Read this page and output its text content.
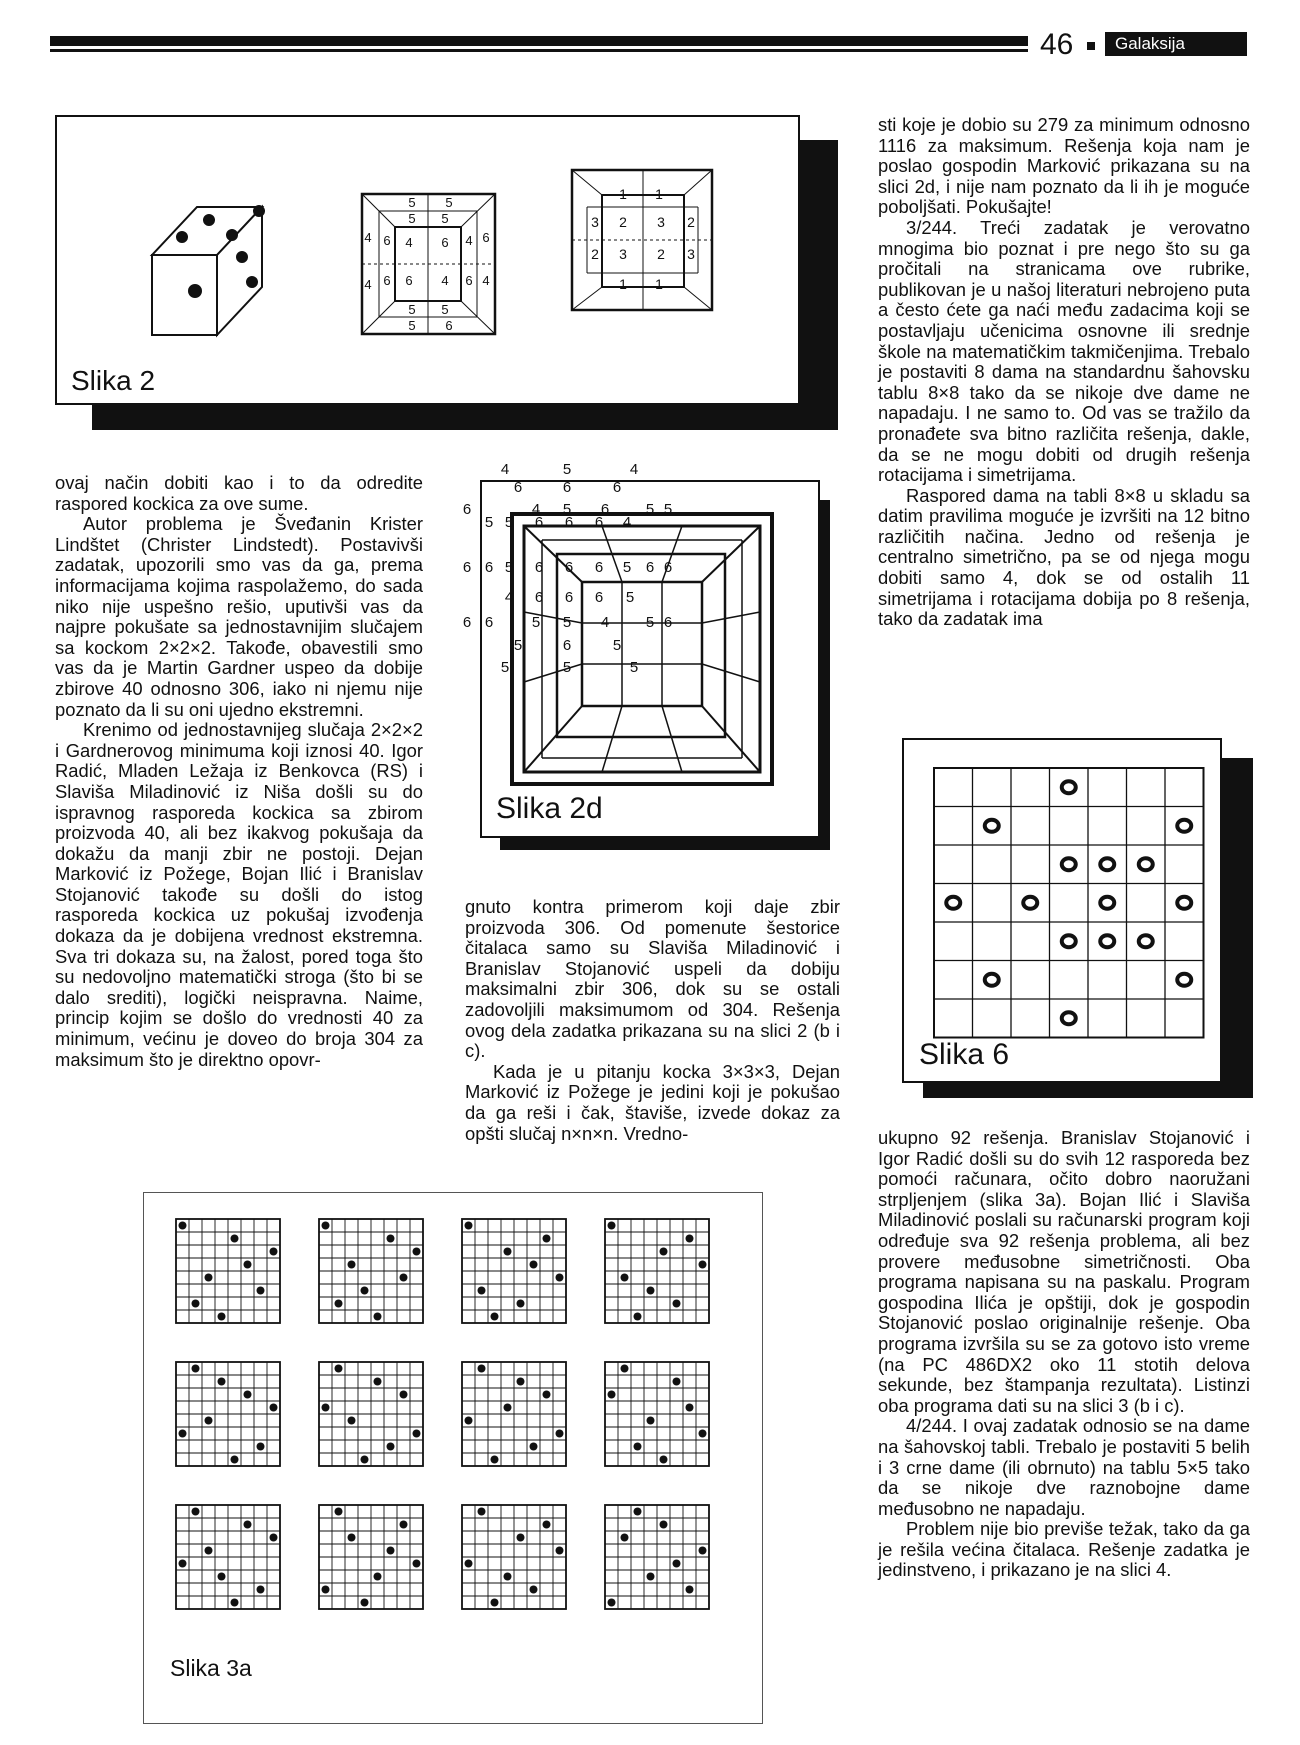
46	Galaksija
5 5
5 5
4 6
6
4
4 6
6 4
4 6
6 4
5 5
5 6
1 1
3
2
2 3
3 2
2
3
1 1
Slika 2
4	5	4
6	6	6
6	4 5 6 5 5
5 5 6 6 6 4
6 6 5 6 6 6 5 6 6
4 6 6 6 5
6 6	5 5 4 5 6
5	6	5
5	5	5
Slika 2d
Slika 6
Slika 3a

ovaj način dobiti kao i to da odredite raspored kockica za ove sume.

Autor problema je Šveđanin Krister Lindštet (Christer Lindstedt). Postavivši zadatak, upozorili smo vas da ga, prema informacijama kojima raspolažemo, do sada niko nije uspešno rešio, uputivši vas da najpre pokušate sa jednostavnijim slučajem sa kockom 2×2×2. Takođe, obavestili smo vas da je Martin Gardner uspeo da dobije zbirove 40 odnosno 306, iako ni njemu nije poznato da li su oni ujedno ekstremni.

Krenimo od jednostavnijeg slučaja 2×2×2 i Gardnerovog minimuma koji iznosi 40. Igor Radić, Mladen Ležaja iz Benkovca (RS) i Slaviša Miladinović iz Niša došli su do ispravnog rasporeda kockica sa zbirom proizvoda 40, ali bez ikakvog pokušaja da dokažu da manji zbir ne postoji. Dejan Marković iz Požege, Bojan Ilić i Branislav Stojanović takođe su došli do istog rasporeda kockica uz pokušaj izvođenja dokaza da je dobijena vrednost ekstremna. Sva tri dokaza su, na žalost, pored toga što su nedovoljno matematički stroga (što bi se dalo srediti), logički neispravna. Naime, princip kojim se došlo do vrednosti 40 za minimum, većinu je doveo do broja 304 za maksimum što je direktno opovr-

gnuto kontra primerom koji daje zbir proizvoda 306. Od pomenute šestorice čitalaca samo su Slaviša Miladinović i Branislav Stojanović uspeli da dobiju maksimalni zbir 306, dok su se ostali zadovoljili maksimumom od 304. Rešenja ovog dela zadatka prikazana su na slici 2 (b i c).

Kada je u pitanju kocka 3×3×3, Dejan Marković iz Požege je jedini koji je pokušao da ga reši i čak, štaviše, izvede dokaz za opšti slučaj n×n×n. Vredno-

sti koje je dobio su 279 za minimum odnosno 1116 za maksimum. Rešenja koja nam je poslao gospodin Marković prikazana su na slici 2d, i nije nam poznato da li ih je moguće poboljšati. Pokušajte!

3/244. Treći zadatak je verovatno mnogima bio poznat i pre nego što su ga pročitali na stranicama ove rubrike, publikovan je u našoj literaturi nebrojeno puta a često ćete ga naći među zadacima koji se postavljaju učenicima osnovne ili srednje škole na matematičkim takmičenjima. Trebalo je postaviti 8 dama na standardnu šahovsku tablu 8×8 tako da se nikoje dve dame ne napadaju. I ne samo to. Od vas se tražilo da pronađete sva bitno različita rešenja, dakle, da se ne mogu dobiti od drugih rešenja rotacijama i simetrijama.

Raspored dama na tabli 8×8 u skladu sa datim pravilima moguće je izvršiti na 12 bitno različitih načina. Jedno od rešenja je centralno simetrično, pa se od njega mogu dobiti samo 4, dok se od ostalih 11 simetrijama i rotacijama dobija po 8 rešenja, tako da zadatak ima

ukupno 92 rešenja. Branislav Stojanović i Igor Radić došli su do svih 12 rasporeda bez pomoći računara, očito dobro naoružani strpljenjem (slika 3a). Bojan Ilić i Slaviša Miladinović poslali su računarski program koji određuje sva 92 rešenja problema, ali bez provere međusobne simetričnosti. Oba programa napisana su na paskalu. Program gospodina Ilića je opštiji, dok je gospodin Stojanović poslao originalnije rešenje. Oba programa izvršila su se za gotovo isto vreme (na PC 486DX2 oko 11 stotih delova sekunde, bez štampanja rezultata). Listinzi oba programa dati su na slici 3 (b i c).

4/244. I ovaj zadatak odnosio se na dame na šahovskoj tabli. Trebalo je postaviti 5 belih i 3 crne dame (ili obrnuto) na tablu 5×5 tako da se nikoje dve raznobojne dame međusobno ne napadaju.

Problem nije bio previše težak, tako da ga je rešila većina čitalaca. Rešenje zadatka je jedinstveno, i prikazano je na slici 4.
